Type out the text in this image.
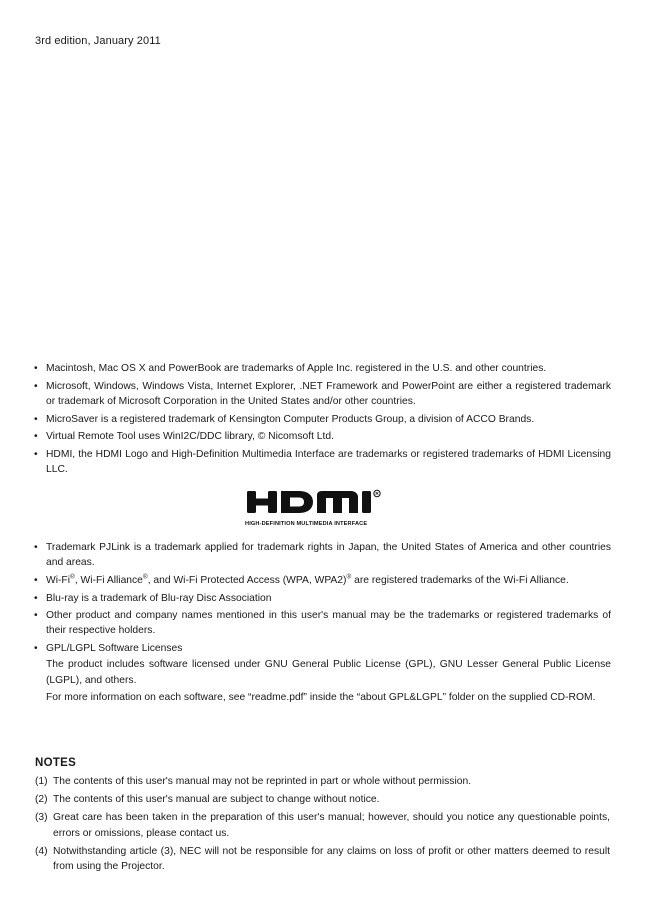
3rd edition, January 2011
• Macintosh, Mac OS X and PowerBook are trademarks of Apple Inc. registered in the U.S. and other countries.
• Microsoft, Windows, Windows Vista, Internet Explorer, .NET Framework and PowerPoint are either a registered trademark or trademark of Microsoft Corporation in the United States and/or other countries.
• MicroSaver is a registered trademark of Kensington Computer Products Group, a division of ACCO Brands.
• Virtual Remote Tool uses WinI2C/DDC library, © Nicomsoft Ltd.
• HDMI, the HDMI Logo and High-Definition Multimedia Interface are trademarks or registered trademarks of HDMI Licensing LLC.
R
HIGH-DEFINITION MULTIMEDIA INTERFACE
• Trademark PJLink is a trademark applied for trademark rights in Japan, the United States of America and other countries and areas.
• Wi-Fi®, Wi-Fi Alliance®, and Wi-Fi Protected Access (WPA, WPA2)® are registered trademarks of the Wi-Fi Alliance.
• Blu-ray is a trademark of Blu-ray Disc Association
• Other product and company names mentioned in this user's manual may be the trademarks or registered trademarks of their respective holders.
• GPL/LGPL Software Licenses
The product includes software licensed under GNU General Public License (GPL), GNU Lesser General Public License (LGPL), and others.
For more information on each software, see “readme.pdf” inside the “about GPL&LGPL” folder on the supplied CD-ROM.
NOTES
(1) The contents of this user's manual may not be reprinted in part or whole without permission.
(2) The contents of this user's manual are subject to change without notice.
(3) Great care has been taken in the preparation of this user's manual; however, should you notice any questionable points, errors or omissions, please contact us.
(4) Notwithstanding article (3), NEC will not be responsible for any claims on loss of profit or other matters deemed to result from using the Projector.
